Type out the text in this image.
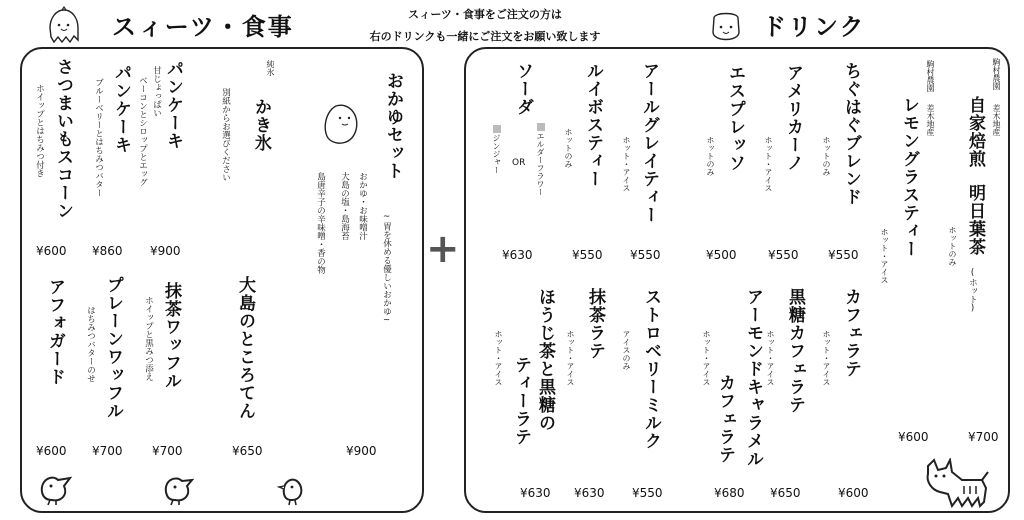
スィーツ・食事	スィーツ・食事をご注文の方は
右のドリンクも一緒にご注文をお願い致します	ドリンク
おかゆセット
~胃を休める優しいおかゆ~
おかゆ・お味噌汁
大島の塩・島海苔
島唐辛子の辛味噌・香の物
¥900
純氷
かき氷
別紙からお選びください
パンケーキ
甘じょっぱい
ベーコンとシロップとエッグ
¥900
パンケーキ
ブルーベリーとはちみつバター
¥860
さつまいもスコーン
ホイップとはちみつ付き
¥600
大島のところてん
¥650
抹茶ワッフル
ホイップと黒みつ添え
¥700
プレーンワッフル
はちみつバターのせ
¥700
アフォガード
¥600
+
駒村農園
差木地産
自家焙煎
明日葉茶
(ホット)
ホットのみ
¥700
駒村農園
差木地産
レモングラスティー
ホット・アイス
¥600
ちぐはぐブレンド
ホットのみ
¥550
アメリカーノ
ホット・アイス
¥550
エスプレッソ
ホットのみ
¥500
アールグレイティー
ホット・アイス
¥550
ルイボスティー
ホットのみ
¥550
ソーダ
エルダーフラワー
OR
ジンジャー
¥630
カフェラテ
ホット・アイス
¥600
黒糖カフェラテ
ホット・アイス
¥650
アーモンドキャラメル
カフェラテ
ホット・アイス
¥680
ストロベリーミルク
アイスのみ
¥550
抹茶ラテ
ホット・アイス
¥630
ほうじ茶と黒糖の
ティーラテ
ホット・アイス
¥630
